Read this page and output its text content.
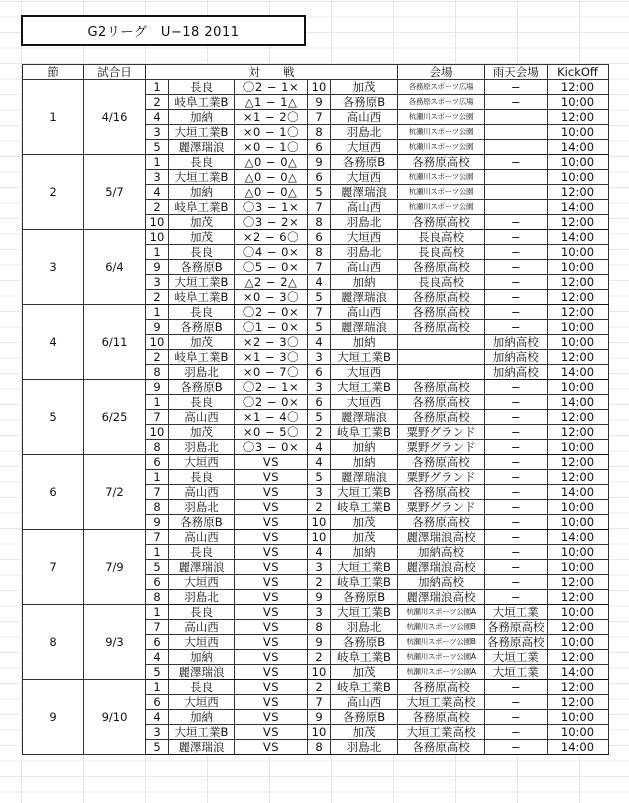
G2リーグ　U−18 2011
節	試合日	対　　戦					会場	雨天会場	KickOff
1	4/16	1	長良	〇2 − 1×	10	加茂	各務原スポーツ広場	−	12:00
		2	岐阜工業B	△1 − 1△	9	各務原B	各務原スポーツ広場	−	10:00
		4	加納	×1 − 2〇	7	高山西	杭瀬川スポーツ公園		12:00
		3	大垣工業B	×0 − 1〇	8	羽島北	杭瀬川スポーツ公園		10:00
		5	麗澤瑞浪	×0 − 1〇	6	大垣西	杭瀬川スポーツ公園		14:00
2	5/7	1	長良	△0 − 0△	9	各務原B	各務原高校	−	10:00
		3	大垣工業B	△0 − 0△	6	大垣西	杭瀬川スポーツ公園		10:00
		4	加納	△0 − 0△	5	麗澤瑞浪	杭瀬川スポーツ公園		12:00
		2	岐阜工業B	〇3 − 1×	7	高山西	杭瀬川スポーツ公園		14:00
		10	加茂	〇3 − 2×	8	羽島北	各務原高校	−	12:00
3	6/4	10	加茂	×2 − 6〇	6	大垣西	長良高校	−	14:00
		1	長良	〇4 − 0×	8	羽島北	長良高校	−	10:00
		9	各務原B	〇5 − 0×	7	高山西	各務原高校	−	10:00
		3	大垣工業B	△2 − 2△	4	加納	長良高校	−	12:00
		2	岐阜工業B	×0 − 3〇	5	麗澤瑞浪	各務原高校	−	12:00
4	6/11	1	長良	〇2 − 0×	7	高山西	各務原高校	−	12:00
		9	各務原B	〇1 − 0×	5	麗澤瑞浪	各務原高校	−	10:00
		10	加茂	×2 − 3〇	4	加納		加納高校	10:00
		2	岐阜工業B	×1 − 3〇	3	大垣工業B		加納高校	12:00
		8	羽島北	×0 − 7〇	6	大垣西		加納高校	14:00
5	6/25	9	各務原B	〇2 − 1×	3	大垣工業B	各務原高校	−	10:00
		1	長良	〇2 − 0×	6	大垣西	各務原高校	−	14:00
		7	高山西	×1 − 4〇	5	麗澤瑞浪	各務原高校	−	12:00
		10	加茂	×0 − 5〇	2	岐阜工業B	粟野グランド	−	12:00
		8	羽島北	〇3 − 0×	4	加納	粟野グランド	−	10:00
6	7/2	6	大垣西	VS	4	加納	各務原高校	−	12:00
		1	長良	VS	5	麗澤瑞浪	粟野グランド	−	12:00
		7	高山西	VS	3	大垣工業B	各務原高校	−	14:00
		8	羽島北	VS	2	岐阜工業B	粟野グランド	−	10:00
		9	各務原B	VS	10	加茂	各務原高校	−	10:00
7	7/9	7	高山西	VS	10	加茂	麗澤瑞浪高校	−	14:00
		1	長良	VS	4	加納	加納高校	−	10:00
		5	麗澤瑞浪	VS	3	大垣工業B	麗澤瑞浪高校	−	10:00
		6	大垣西	VS	2	岐阜工業B	加納高校	−	12:00
		8	羽島北	VS	9	各務原B	麗澤瑞浪高校	−	12:00
8	9/3	1	長良	VS	3	大垣工業B	杭瀬川スポーツ公園A	大垣工業	10:00
		7	高山西	VS	8	羽島北	杭瀬川スポーツ公園B	各務原高校	12:00
		6	大垣西	VS	9	各務原B	杭瀬川スポーツ公園B	各務原高校	10:00
		4	加納	VS	2	岐阜工業B	杭瀬川スポーツ公園A	大垣工業	12:00
		5	麗澤瑞浪	VS	10	加茂	杭瀬川スポーツ公園A	大垣工業	14:00
9	9/10	1	長良	VS	2	岐阜工業B	各務原高校	−	12:00
		6	大垣西	VS	7	高山西	大垣工業高校	−	12:00
		4	加納	VS	9	各務原B	各務原高校	−	10:00
		3	大垣工業B	VS	10	加茂	大垣工業高校	−	10:00
		5	麗澤瑞浪	VS	8	羽島北	各務原高校	−	14:00
